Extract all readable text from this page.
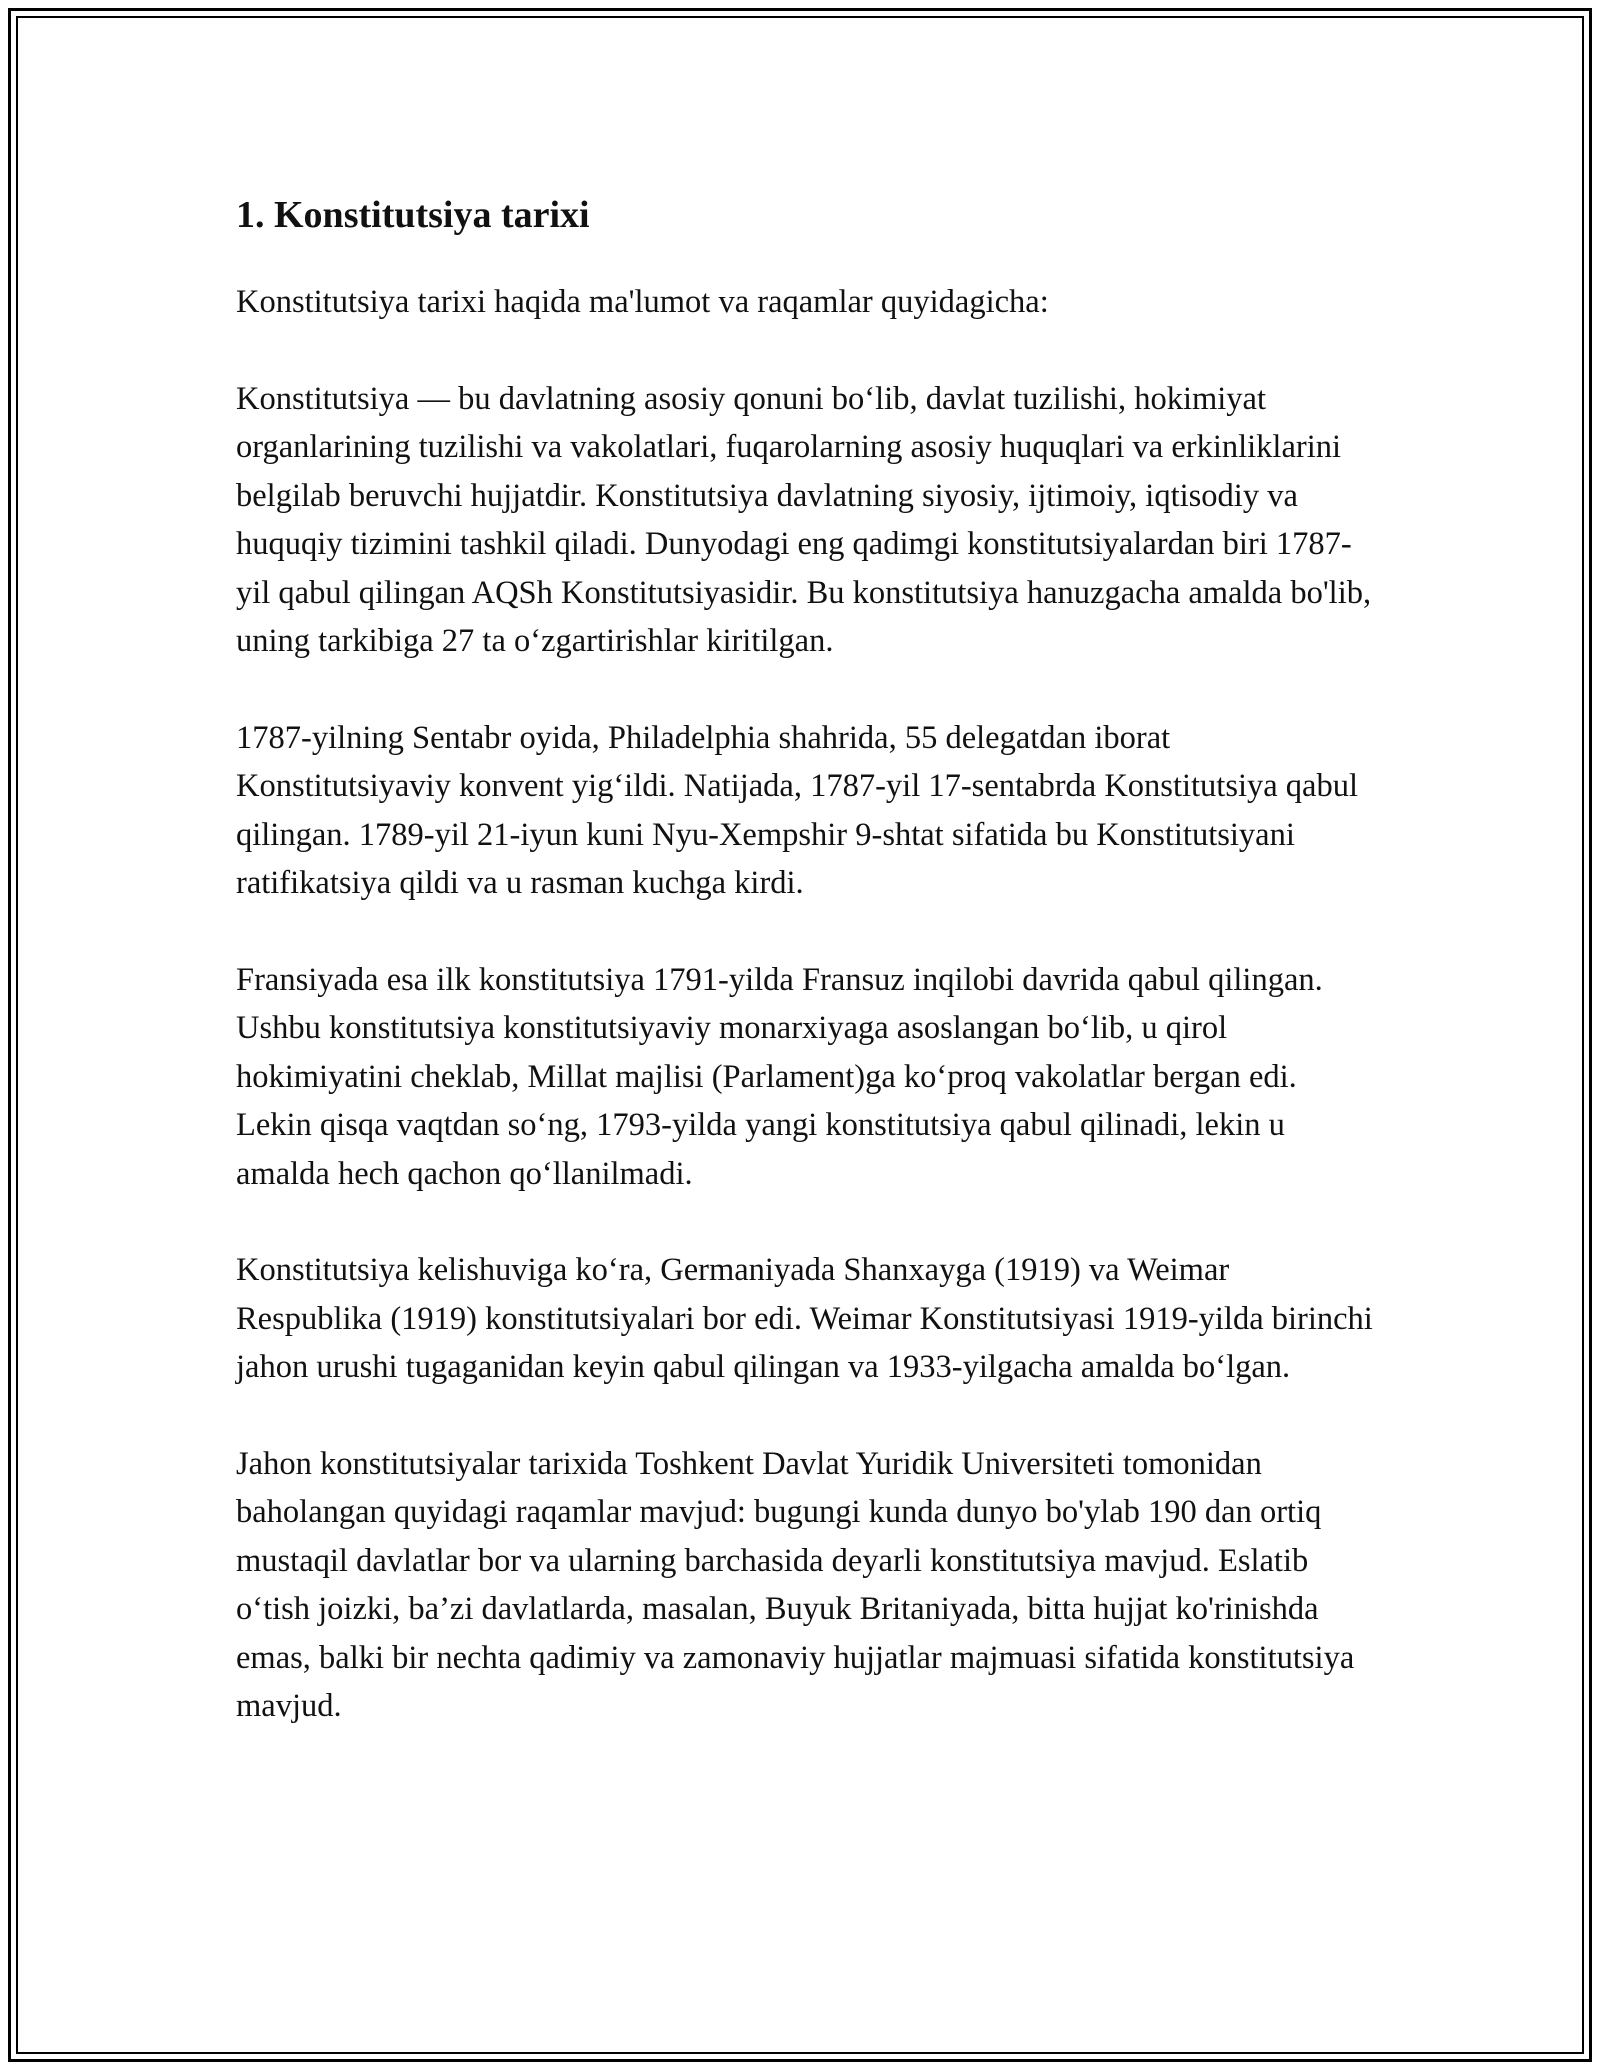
1. Konstitutsiya tarixi

Konstitutsiya tarixi haqida ma'lumot va raqamlar quyidagicha:

Konstitutsiya — bu davlatning asosiy qonuni bo‘lib, davlat tuzilishi, hokimiyat organlarining tuzilishi va vakolatlari, fuqarolarning asosiy huquqlari va erkinliklarini belgilab beruvchi hujjatdir. Konstitutsiya davlatning siyosiy, ijtimoiy, iqtisodiy va huquqiy tizimini tashkil qiladi. Dunyodagi eng qadimgi konstitutsiyalardan biri 1787-yil qabul qilingan AQSh Konstitutsiyasidir. Bu konstitutsiya hanuzgacha amalda bo'lib, uning tarkibiga 27 ta o‘zgartirishlar kiritilgan.

1787-yilning Sentabr oyida, Philadelphia shahrida, 55 delegatdan iborat Konstitutsiyaviy konvent yig‘ildi. Natijada, 1787-yil 17-sentabrda Konstitutsiya qabul qilingan. 1789-yil 21-iyun kuni Nyu-Xempshir 9-shtat sifatida bu Konstitutsiyani ratifikatsiya qildi va u rasman kuchga kirdi.

Fransiyada esa ilk konstitutsiya 1791-yilda Fransuz inqilobi davrida qabul qilingan. Ushbu konstitutsiya konstitutsiyaviy monarxiyaga asoslangan bo‘lib, u qirol hokimiyatini cheklab, Millat majlisi (Parlament)ga ko‘proq vakolatlar bergan edi. Lekin qisqa vaqtdan so‘ng, 1793-yilda yangi konstitutsiya qabul qilinadi, lekin u amalda hech qachon qo‘llanilmadi.

Konstitutsiya kelishuviga ko‘ra, Germaniyada Shanxayga (1919) va Weimar Respublika (1919) konstitutsiyalari bor edi. Weimar Konstitutsiyasi 1919-yilda birinchi jahon urushi tugaganidan keyin qabul qilingan va 1933-yilgacha amalda bo‘lgan.

Jahon konstitutsiyalar tarixida Toshkent Davlat Yuridik Universiteti tomonidan baholangan quyidagi raqamlar mavjud: bugungi kunda dunyo bo'ylab 190 dan ortiq mustaqil davlatlar bor va ularning barchasida deyarli konstitutsiya mavjud. Eslatib o‘tish joizki, ba’zi davlatlarda, masalan, Buyuk Britaniyada, bitta hujjat ko'rinishda emas, balki bir nechta qadimiy va zamonaviy hujjatlar majmuasi sifatida konstitutsiya mavjud.
